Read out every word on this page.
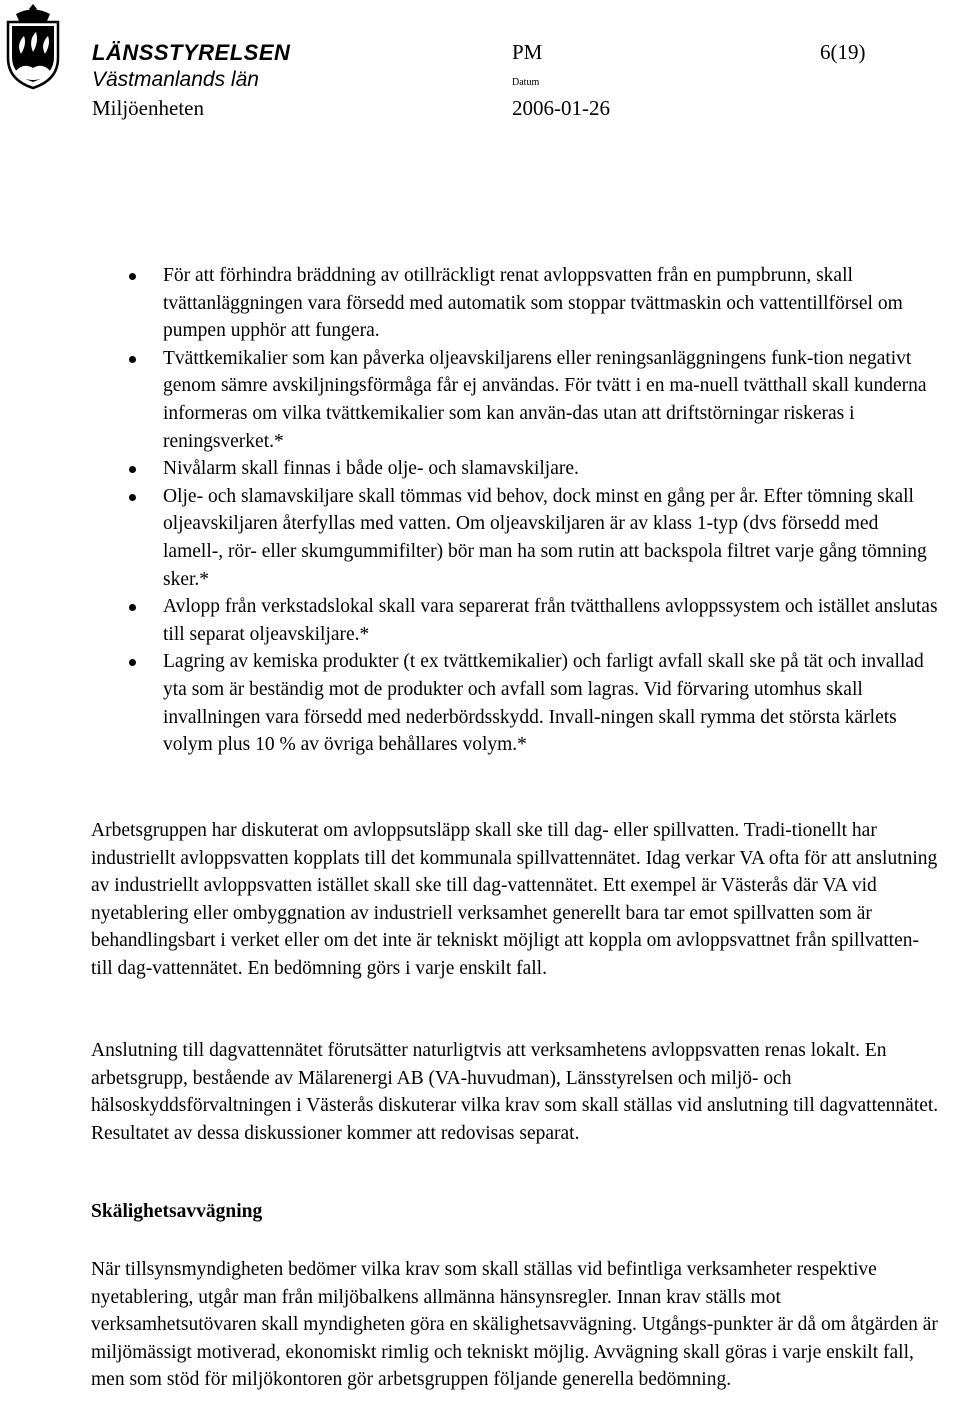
LÄNSSTYRELSEN
Västmanlands län
Miljöenheten
PM	6(19)
Datum
2006-01-26
För att förhindra bräddning av otillräckligt renat avloppsvatten från en pumpbrunn, skall tvättanläggningen vara försedd med automatik som stoppar tvättmaskin och vattentillförsel om pumpen upphör att fungera.
Tvättkemikalier som kan påverka oljeavskiljarens eller reningsanläggningens funk-tion negativt genom sämre avskiljningsförmåga får ej användas. För tvätt i en ma-nuell tvätthall skall kunderna informeras om vilka tvättkemikalier som kan använ-das utan att driftstörningar riskeras i reningsverket.*
Nivålarm skall finnas i både olje- och slamavskiljare.
Olje- och slamavskiljare skall tömmas vid behov, dock minst en gång per år. Efter tömning skall oljeavskiljaren återfyllas med vatten. Om oljeavskiljaren är av klass 1-typ (dvs försedd med lamell-, rör- eller skumgummifilter) bör man ha som rutin att backspola filtret varje gång tömning sker.*
Avlopp från verkstadslokal skall vara separerat från tvätthallens avloppssystem och istället anslutas till separat oljeavskiljare.*
Lagring av kemiska produkter (t ex tvättkemikalier) och farligt avfall skall ske på tät och invallad yta som är beständig mot de produkter och avfall som lagras. Vid förvaring utomhus skall invallningen vara försedd med nederbördsskydd. Invall-ningen skall rymma det största kärlets volym plus 10 % av övriga behållares volym.*

Arbetsgruppen har diskuterat om avloppsutsläpp skall ske till dag- eller spillvatten. Tradi-tionellt har industriellt avloppsvatten kopplats till det kommunala spillvattennätet. Idag verkar VA ofta för att anslutning av industriellt avloppsvatten istället skall ske till dag-vattennätet. Ett exempel är Västerås där VA vid nyetablering eller ombyggnation av industriell verksamhet generellt bara tar emot spillvatten som är behandlingsbart i verket eller om det inte är tekniskt möjligt att koppla om avloppsvattnet från spillvatten- till dag-vattennätet. En bedömning görs i varje enskilt fall.

Anslutning till dagvattennätet förutsätter naturligtvis att verksamhetens avloppsvatten renas lokalt. En arbetsgrupp, bestående av Mälarenergi AB (VA-huvudman), Länsstyrelsen och miljö- och hälsoskyddsförvaltningen i Västerås diskuterar vilka krav som skall ställas vid anslutning till dagvattennätet. Resultatet av dessa diskussioner kommer att redovisas separat.

Skälighetsavvägning

När tillsynsmyndigheten bedömer vilka krav som skall ställas vid befintliga verksamheter respektive nyetablering, utgår man från miljöbalkens allmänna hänsynsregler. Innan krav ställs mot verksamhetsutövaren skall myndigheten göra en skälighetsavvägning. Utgångs-punkter är då om åtgärden är miljömässigt motiverad, ekonomiskt rimlig och tekniskt möjlig. Avvägning skall göras i varje enskilt fall, men som stöd för miljökontoren gör arbetsgruppen följande generella bedömning.
